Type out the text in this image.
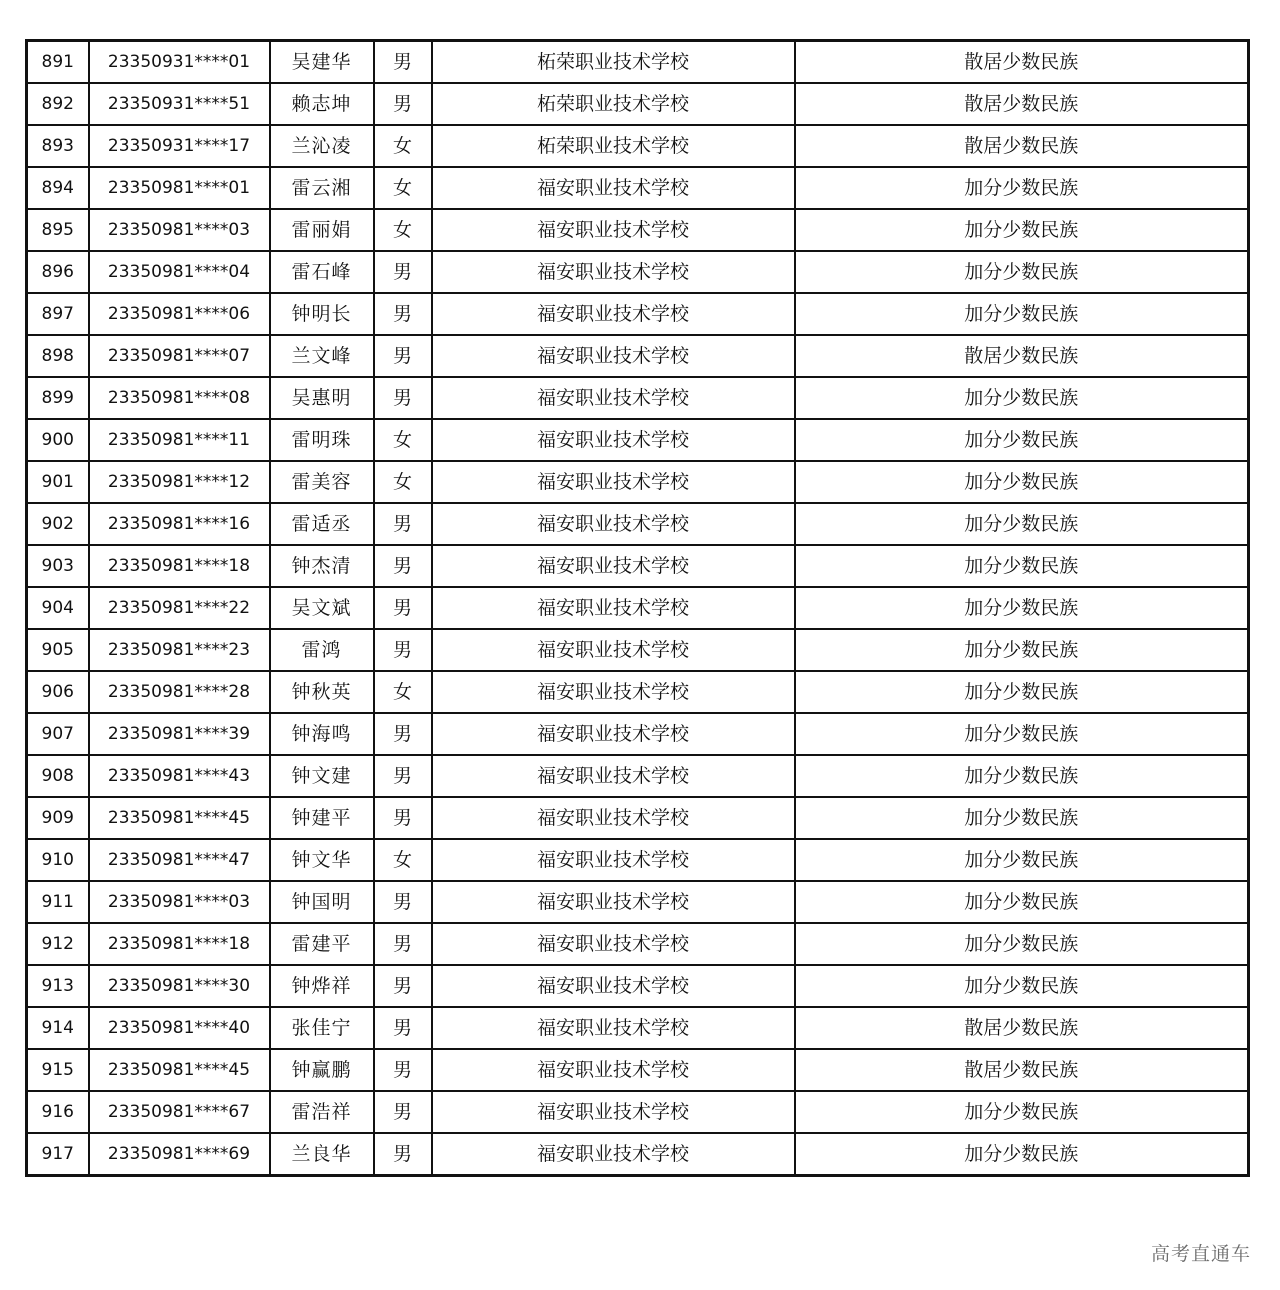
891	23350931****01	吴建华	男	柘荣职业技术学校	散居少数民族
892	23350931****51	赖志坤	男	柘荣职业技术学校	散居少数民族
893	23350931****17	兰沁凌	女	柘荣职业技术学校	散居少数民族
894	23350981****01	雷云湘	女	福安职业技术学校	加分少数民族
895	23350981****03	雷丽娟	女	福安职业技术学校	加分少数民族
896	23350981****04	雷石峰	男	福安职业技术学校	加分少数民族
897	23350981****06	钟明长	男	福安职业技术学校	加分少数民族
898	23350981****07	兰文峰	男	福安职业技术学校	散居少数民族
899	23350981****08	吴惠明	男	福安职业技术学校	加分少数民族
900	23350981****11	雷明珠	女	福安职业技术学校	加分少数民族
901	23350981****12	雷美容	女	福安职业技术学校	加分少数民族
902	23350981****16	雷适丞	男	福安职业技术学校	加分少数民族
903	23350981****18	钟杰清	男	福安职业技术学校	加分少数民族
904	23350981****22	吴文斌	男	福安职业技术学校	加分少数民族
905	23350981****23	雷鸿	男	福安职业技术学校	加分少数民族
906	23350981****28	钟秋英	女	福安职业技术学校	加分少数民族
907	23350981****39	钟海鸣	男	福安职业技术学校	加分少数民族
908	23350981****43	钟文建	男	福安职业技术学校	加分少数民族
909	23350981****45	钟建平	男	福安职业技术学校	加分少数民族
910	23350981****47	钟文华	女	福安职业技术学校	加分少数民族
911	23350981****03	钟国明	男	福安职业技术学校	加分少数民族
912	23350981****18	雷建平	男	福安职业技术学校	加分少数民族
913	23350981****30	钟烨祥	男	福安职业技术学校	加分少数民族
914	23350981****40	张佳宁	男	福安职业技术学校	散居少数民族
915	23350981****45	钟赢鹏	男	福安职业技术学校	散居少数民族
916	23350981****67	雷浩祥	男	福安职业技术学校	加分少数民族
917	23350981****69	兰良华	男	福安职业技术学校	加分少数民族
高考直通车
